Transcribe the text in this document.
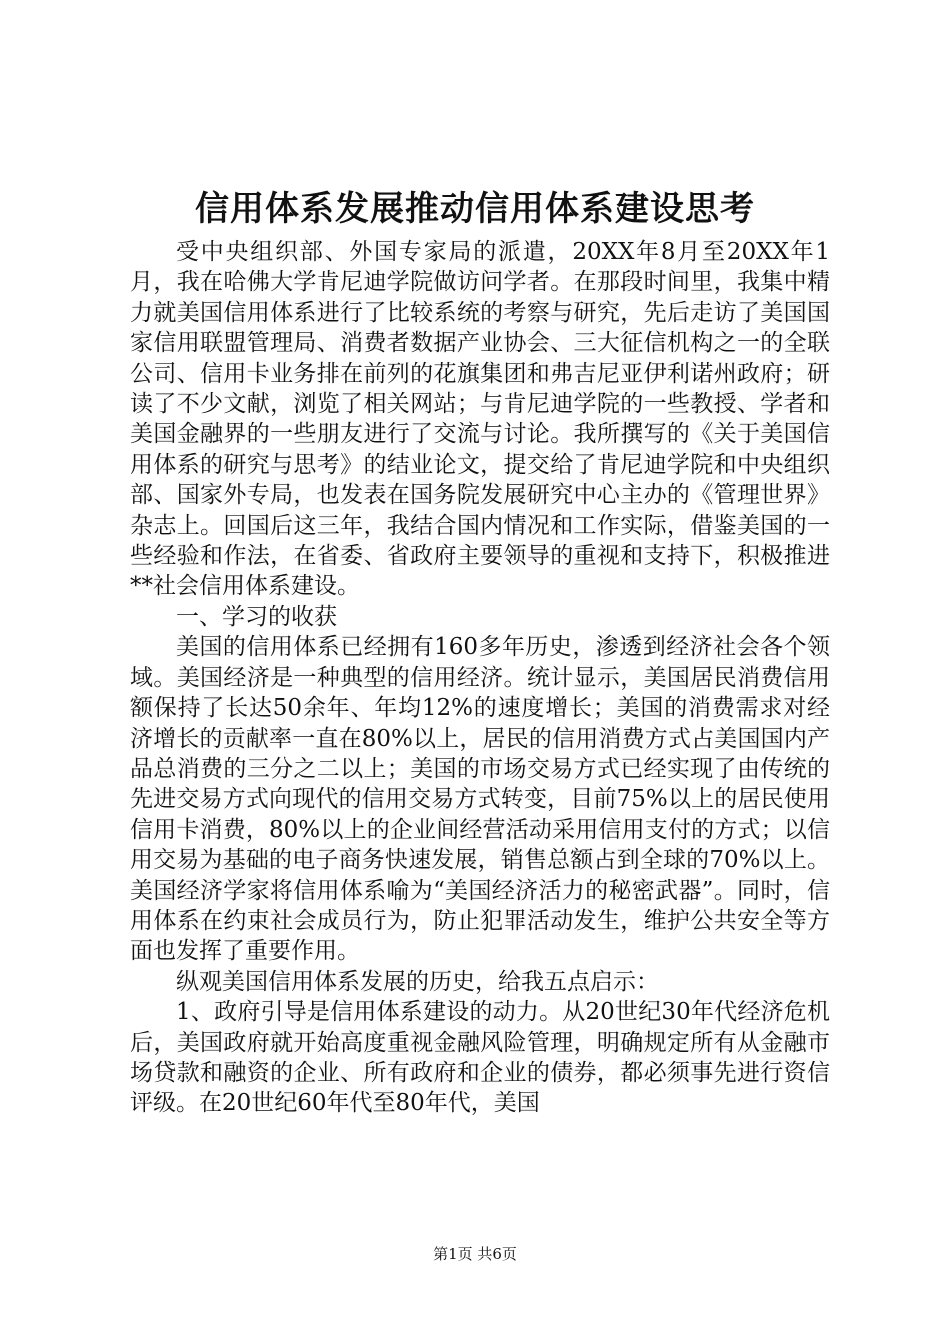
信用体系发展推动信用体系建设思考

受中央组织部、外国专家局的派遣，20XX年8月至20XX年1月，我在哈佛大学肯尼迪学院做访问学者。在那段时间里，我集中精力就美国信用体系进行了比较系统的考察与研究，先后走访了美国国家信用联盟管理局、消费者数据产业协会、三大征信机构之一的全联公司、信用卡业务排在前列的花旗集团和弗吉尼亚伊利诺州政府；研读了不少文献，浏览了相关网站；与肯尼迪学院的一些教授、学者和美国金融界的一些朋友进行了交流与讨论。我所撰写的《关于美国信用体系的研究与思考》的结业论文，提交给了肯尼迪学院和中央组织部、国家外专局，也发表在国务院发展研究中心主办的《管理世界》杂志上。回国后这三年，我结合国内情况和工作实际，借鉴美国的一些经验和作法，在省委、省政府主要领导的重视和支持下，积极推进**社会信用体系建设。

一、学习的收获

美国的信用体系已经拥有160多年历史，渗透到经济社会各个领域。美国经济是一种典型的信用经济。统计显示，美国居民消费信用额保持了长达50余年、年均12%的速度增长；美国的消费需求对经济增长的贡献率一直在80%以上，居民的信用消费方式占美国国内产品总消费的三分之二以上；美国的市场交易方式已经实现了由传统的先进交易方式向现代的信用交易方式转变，目前75%以上的居民使用信用卡消费，80%以上的企业间经营活动采用信用支付的方式；以信用交易为基础的电子商务快速发展，销售总额占到全球的70%以上。美国经济学家将信用体系喻为“美国经济活力的秘密武器”。同时，信用体系在约束社会成员行为，防止犯罪活动发生，维护公共安全等方面也发挥了重要作用。

纵观美国信用体系发展的历史，给我五点启示：

1、政府引导是信用体系建设的动力。从20世纪30年代经济危机后，美国政府就开始高度重视金融风险管理，明确规定所有从金融市场贷款和融资的企业、所有政府和企业的债券，都必须事先进行资信评级。在20世纪60年代至80年代，美国

第1页 共6页
